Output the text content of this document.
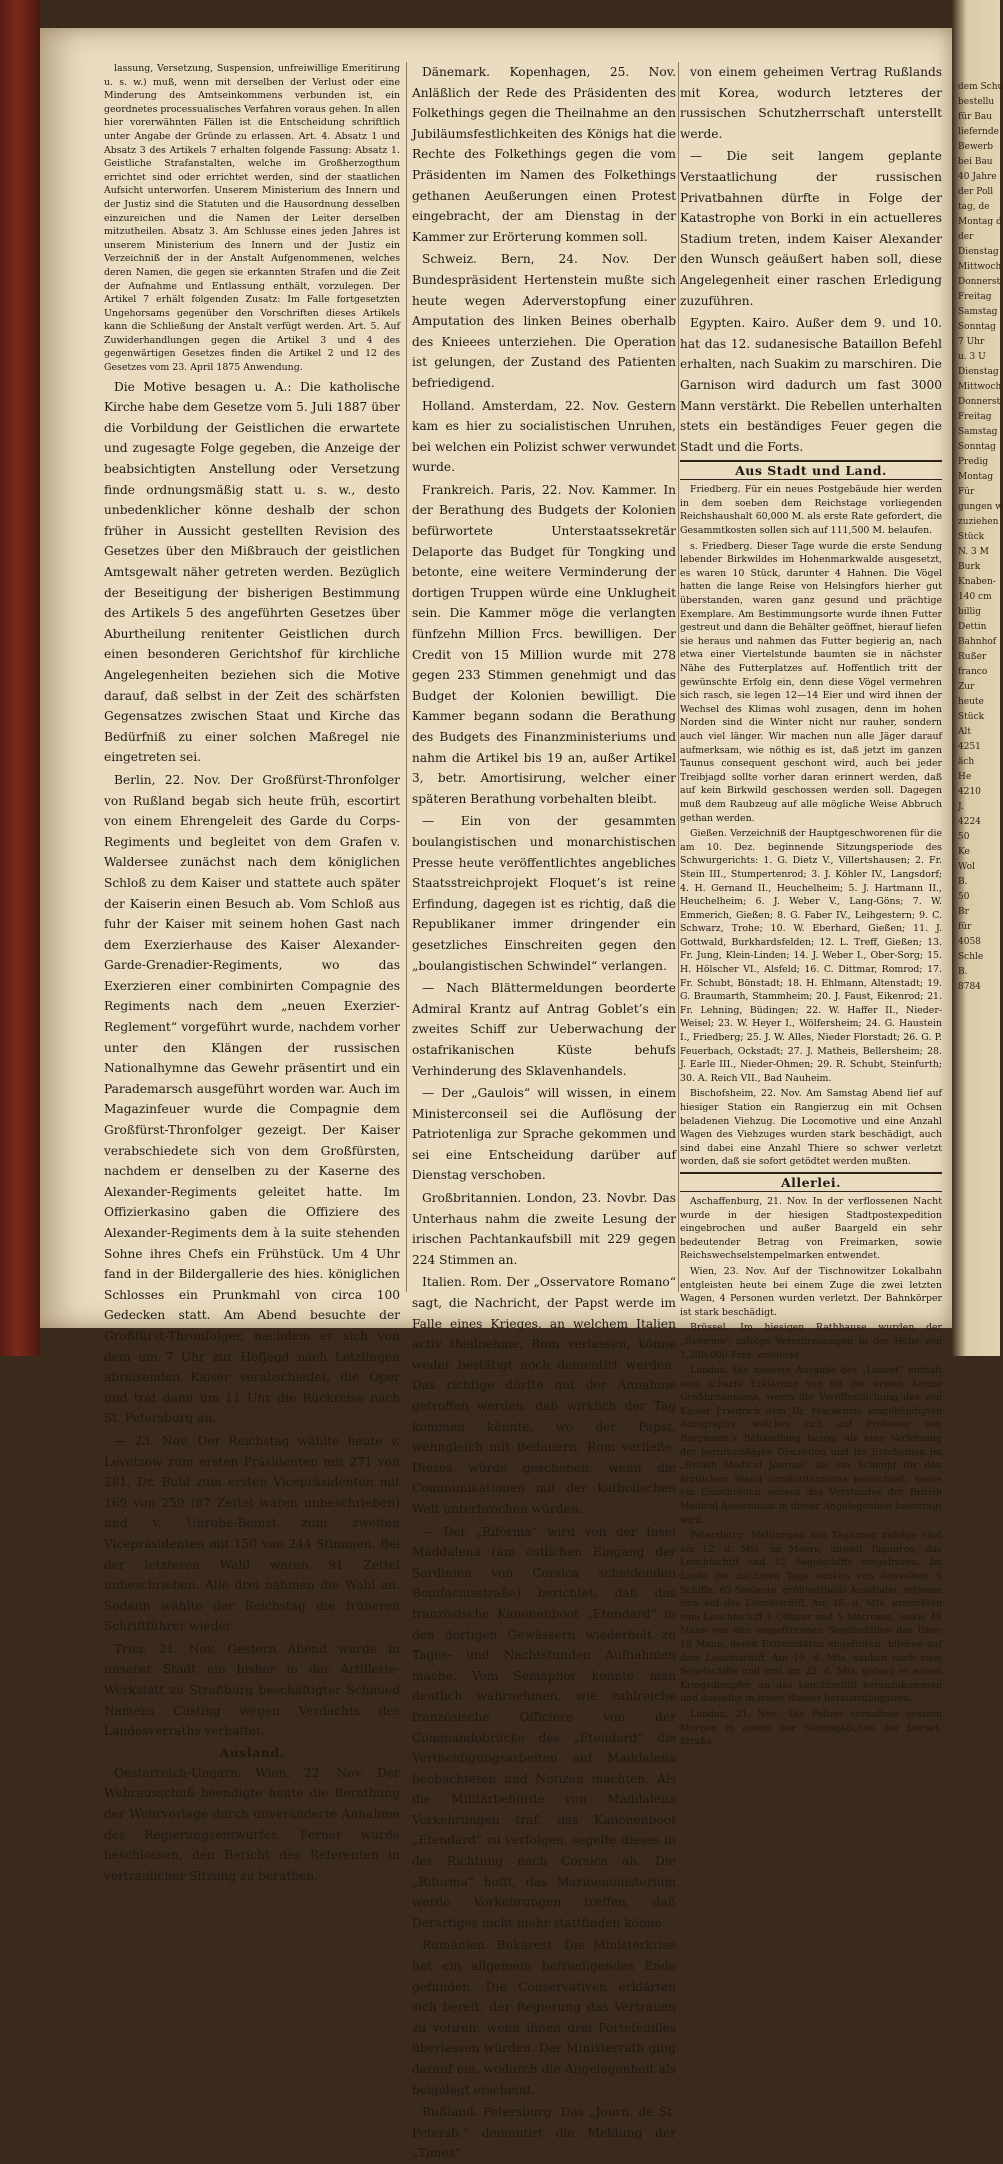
lassung, Versetzung, Suspension, unfreiwillige Emeritirung u. s. w.) muß, wenn mit derselben der Verlust oder eine Minderung des Amtseinkommens verbunden ist, ein geordnetes processualisches Verfahren voraus gehen. In allen hier vorerwähnten Fällen ist die Entscheidung schriftlich unter Angabe der Gründe zu erlassen. Art. 4. Absatz 1 und Absatz 3 des Artikels 7 erhalten folgende Fassung: Absatz 1. Geistliche Strafanstalten, welche im Großherzogthum errichtet sind oder errichtet werden, sind der staatlichen Aufsicht unterworfen. Unserem Ministerium des Innern und der Justiz sind die Statuten und die Hausordnung desselben einzureichen und die Namen der Leiter derselben mitzutheilen. Absatz 3. Am Schlusse eines jeden Jahres ist unserem Ministerium des Innern und der Justiz ein Verzeichniß der in der Anstalt Aufgenommenen, welches deren Namen, die gegen sie erkannten Strafen und die Zeit der Aufnahme und Entlassung enthält, vorzulegen. Der Artikel 7 erhält folgenden Zusatz: Im Falle fortgesetzten Ungehorsams gegenüber den Vorschriften dieses Artikels kann die Schließung der Anstalt verfügt werden. Art. 5. Auf Zuwiderhandlungen gegen die Artikel 3 und 4 des gegenwärtigen Gesetzes finden die Artikel 2 und 12 des Gesetzes vom 23. April 1875 Anwendung.

Die Motive besagen u. A.: Die katholische Kirche habe dem Gesetze vom 5. Juli 1887 über die Vorbildung der Geistlichen die erwartete und zugesagte Folge gegeben, die Anzeige der beabsichtigten Anstellung oder Versetzung finde ordnungsmäßig statt u. s. w., desto unbedenklicher könne deshalb der schon früher in Aussicht gestellten Revision des Gesetzes über den Mißbrauch der geistlichen Amtsgewalt näher getreten werden. Bezüglich der Beseitigung der bisherigen Bestimmung des Artikels 5 des angeführten Gesetzes über Aburtheilung renitenter Geistlichen durch einen besonderen Gerichtshof für kirchliche Angelegenheiten beziehen sich die Motive darauf, daß selbst in der Zeit des schärfsten Gegensatzes zwischen Staat und Kirche das Bedürfniß zu einer solchen Maßregel nie eingetreten sei.

Berlin, 22. Nov. Der Großfürst-Thronfolger von Rußland begab sich heute früh, escortirt von einem Ehrengeleit des Garde du Corps-Regiments und begleitet von dem Grafen v. Waldersee zunächst nach dem königlichen Schloß zu dem Kaiser und stattete auch später der Kaiserin einen Besuch ab. Vom Schloß aus fuhr der Kaiser mit seinem hohen Gast nach dem Exerzierhause des Kaiser Alexander-Garde-Grenadier-Regiments, wo das Exerzieren einer combinirten Compagnie des Regiments nach dem „neuen Exerzier-Reglement“ vorgeführt wurde, nachdem vorher unter den Klängen der russischen Nationalhymne das Gewehr präsentirt und ein Parademarsch ausgeführt worden war. Auch im Magazinfeuer wurde die Compagnie dem Großfürst-Thronfolger gezeigt. Der Kaiser verabschiedete sich von dem Großfürsten, nachdem er denselben zu der Kaserne des Alexander-Regiments geleitet hatte. Im Offizierkasino gaben die Offiziere des Alexander-Regiments dem à la suite stehenden Sohne ihres Chefs ein Frühstück. Um 4 Uhr fand in der Bildergallerie des hies. königlichen Schlosses ein Prunkmahl von circa 100 Gedecken statt. Am Abend besuchte der Großfürst-Thronfolger, nachdem er sich von dem um 7 Uhr zur Hofjagd nach Letzlingen abreisenden Kaiser verabschiedet, die Oper und trat dann um 11 Uhr die Rückreise nach St. Petersburg an.

— 23. Nov. Der Reichstag wählte heute v. Levetzow zum ersten Präsidenten mit 271 von 281, Dr. Buhl zum ersten Vicepräsidenten mit 169 von 259 (87 Zettel waren unbeschrieben) und v. Unruhe-Bomst zum zweiten Vicepräsidenten mit 150 von 244 Stimmen. Bei der letzteren Wahl waren 91 Zettel unbeschrieben. Alle drei nahmen die Wahl an. Sodann wählte der Reichstag die früheren Schriftführer wieder.

Trier, 21. Nov. Gestern Abend wurde in unserer Stadt ein bisher in der Artillerie-Werkstatt zu Straßburg beschäftigter Schmied Namens Casting wegen Verdachts des Landesverraths verhaftet.

Ausland.

Oesterreich-Ungarn. Wien, 22. Nov. Der Wehrausschuß beendigte heute die Berathung der Wehrvorlage durch unveränderte Annahme des Regierungsentwurfes. Ferner wurde beschlossen, den Bericht des Referenten in vertraulicher Sitzung zu berathen.

Dänemark. Kopenhagen, 25. Nov. Anläßlich der Rede des Präsidenten des Folkethings gegen die Theilnahme an den Jubiläumsfestlichkeiten des Königs hat die Rechte des Folkethings gegen die vom Präsidenten im Namen des Folkethings gethanen Aeußerungen einen Protest eingebracht, der am Dienstag in der Kammer zur Erörterung kommen soll.

Schweiz. Bern, 24. Nov. Der Bundespräsident Hertenstein mußte sich heute wegen Aderverstopfung einer Amputation des linken Beines oberhalb des Knieees unterziehen. Die Operation ist gelungen, der Zustand des Patienten befriedigend.

Holland. Amsterdam, 22. Nov. Gestern kam es hier zu socialistischen Unruhen, bei welchen ein Polizist schwer verwundet wurde.

Frankreich. Paris, 22. Nov. Kammer. In der Berathung des Budgets der Kolonien befürwortete Unterstaatssekretär Delaporte das Budget für Tongking und betonte, eine weitere Verminderung der dortigen Truppen würde eine Unklugheit sein. Die Kammer möge die verlangten fünfzehn Million Frcs. bewilligen. Der Credit von 15 Million wurde mit 278 gegen 233 Stimmen genehmigt und das Budget der Kolonien bewilligt. Die Kammer begann sodann die Berathung des Budgets des Finanzministeriums und nahm die Artikel bis 19 an, außer Artikel 3, betr. Amortisirung, welcher einer späteren Berathung vorbehalten bleibt.

— Ein von der gesammten boulangistischen und monarchistischen Presse heute veröffentlichtes angebliches Staatsstreichprojekt Floquet’s ist reine Erfindung, dagegen ist es richtig, daß die Republikaner immer dringender ein gesetzliches Einschreiten gegen den „boulangistischen Schwindel“ verlangen.

— Nach Blättermeldungen beorderte Admiral Krantz auf Antrag Goblet’s ein zweites Schiff zur Ueberwachung der ostafrikanischen Küste behufs Verhinderung des Sklavenhandels.

— Der „Gaulois“ will wissen, in einem Ministerconseil sei die Auflösung der Patriotenliga zur Sprache gekommen und sei eine Entscheidung darüber auf Dienstag verschoben.

Großbritannien. London, 23. Novbr. Das Unterhaus nahm die zweite Lesung der irischen Pachtankaufsbill mit 229 gegen 224 Stimmen an.

Italien. Rom. Der „Osservatore Romano“ sagt, die Nachricht, der Papst werde im Falle eines Krieges, an welchem Italien activ theilnehme, Rom verlassen, könne weder bestätigt noch dementirt werden. Das richtige dürfte mit der Annahme getroffen werden, daß wirklich der Tag kommen könnte, wo der Papst, wenngleich mit Bedauern, Rom verließe. Dieses würde geschehen, wenn die Communikationen mit der katholischen Welt unterbrochen würden.

— Der „Riforma“ wird von der Insel Maddalena (am östlichen Eingang der Sardinien von Corsica scheidenden Bonifaciusstraße) berichtet, daß das französische Kanonenboot „Etendard“ in den dortigen Gewässern wiederholt zu Tages- und Nachtstunden Aufnahmen mache. Vom Semaphor konnte man deutlich wahrnehmen, wie zahlreiche französische Officiere von der Commandobrücke des „Etendard“ die Vertheidigungsarbeiten auf Maddalena beobachteten und Notizen machten. Als die Militärbehörde von Maddalena Vorkehrungen traf, das Kanonenboot „Etendard“ zu verfolgen, segelte dieses in der Richtung nach Corsica ab. Die „Riforma“ hofft, das Marineministerium werde Vorkehrungen treffen, daß Derartiges nicht mehr stattfinden könne.

Rumänien. Bukarest. Die Ministerkrise hat ein allgemein befriedigendes Ende gefunden. Die Conservativen erklärten sich bereit, der Regierung das Vertrauen zu votiren, wenn ihnen drei Portefeuilles überlassen würden. Der Ministerrath ging darauf ein, wodurch die Angelegenheit als beigelegt erscheint.

Rußland. Petersburg. Das „Journ. de St. Petersb.“ dementirt die Meldung der „Times“

von einem geheimen Vertrag Rußlands mit Korea, wodurch letzteres der russischen Schutzherrschaft unterstellt werde.

— Die seit langem geplante Verstaatlichung der russischen Privatbahnen dürfte in Folge der Katastrophe von Borki in ein actuelleres Stadium treten, indem Kaiser Alexander den Wunsch geäußert haben soll, diese Angelegenheit einer raschen Erledigung zuzuführen.

Egypten. Kairo. Außer dem 9. und 10. hat das 12. sudanesische Bataillon Befehl erhalten, nach Suakim zu marschiren. Die Garnison wird dadurch um fast 3000 Mann verstärkt. Die Rebellen unterhalten stets ein beständiges Feuer gegen die Stadt und die Forts.

Aus Stadt und Land.

Friedberg. Für ein neues Postgebäude hier werden in dem soeben dem Reichstage vorliegenden Reichshaushalt 60,000 M. als erste Rate gefordert, die Gesammtkosten sollen sich auf 111,500 M. belaufen.

s. Friedberg. Dieser Tage wurde die erste Sendung lebender Birkwildes im Hohenmarkwalde ausgesetzt, es waren 10 Stück, darunter 4 Hahnen. Die Vögel hatten die lange Reise von Helsingfors hierher gut überstanden, waren ganz gesund und prächtige Exemplare. Am Bestimmungsorte wurde ihnen Futter gestreut und dann die Behälter geöffnet, hierauf liefen sie heraus und nahmen das Futter begierig an, nach etwa einer Viertelstunde baumten sie in nächster Nähe des Futterplatzes auf. Hoffentlich tritt der gewünschte Erfolg ein, denn diese Vögel vermehren sich rasch, sie legen 12—14 Eier und wird ihnen der Wechsel des Klimas wohl zusagen, denn im hohen Norden sind die Winter nicht nur rauher, sondern auch viel länger. Wir machen nun alle Jäger darauf aufmerksam, wie nöthig es ist, daß jetzt im ganzen Taunus consequent geschont wird, auch bei jeder Treibjagd sollte vorher daran erinnert werden, daß auf kein Birkwild geschossen werden soll. Dagegen muß dem Raubzeug auf alle mögliche Weise Abbruch gethan werden.

Gießen. Verzeichniß der Hauptgeschworenen für die am 10. Dez. beginnende Sitzungsperiode des Schwurgerichts: 1. G. Dietz V., Villertshausen; 2. Fr. Stein III., Stumpertenrod; 3. J. Köhler IV., Langsdorf; 4. H. Gernand II., Heuchelheim; 5. J. Hartmann II., Heuchelheim; 6. J. Weber V., Lang-Göns; 7. W. Emmerich, Gießen; 8. G. Faber IV., Leihgestern; 9. C. Schwarz, Trohe; 10. W. Eberhard, Gießen; 11. J. Gottwald, Burkhardsfelden; 12. L. Treff, Gießen; 13. Fr. Jung, Klein-Linden; 14. J. Weber I., Ober-Sorg; 15. H. Hölscher VI., Alsfeld; 16. C. Dittmar, Romrod; 17. Fr. Schubt, Bönstadt; 18. H. Ehlmann, Altenstadt; 19. G. Braumarth, Stammheim; 20. J. Faust, Eikenrod; 21. Fr. Lehning, Büdingen; 22. W. Haffer II., Nieder-Weisel; 23. W. Heyer I., Wölfersheim; 24. G. Haustein I., Friedberg; 25. J. W. Alles, Nieder Florstadt; 26. G. P. Feuerbach, Ockstadt; 27. J. Matheis, Bellersheim; 28. J. Earle III., Nieder-Ohmen; 29. R. Schubt, Steinfurth; 30. A. Reich VII., Bad Nauheim.

Bischofsheim, 22. Nov. Am Samstag Abend lief auf hiesiger Station ein Rangierzug ein mit Ochsen beladenen Viehzug. Die Locomotive und eine Anzahl Wagen des Viehzuges wurden stark beschädigt, auch sind dabei eine Anzahl Thiere so schwer verletzt worden, daß sie sofort getödtet werden mußten.

Allerlei.

Aschaffenburg, 21. Nov. In der verflossenen Nacht wurde in der hiesigen Stadtpostexpedition eingebrochen und außer Baargeld ein sehr bedeutender Betrag von Freimarken, sowie Reichswechselstempelmarken entwendet.

Wien, 23. Nov. Auf der Tischnowitzer Lokalbahn entgleisten heute bei einem Zuge die zwei letzten Wagen, 4 Personen wurden verletzt. Der Bahnkörper ist stark beschädigt.

Brüssel. Im hiesigen Rathhause wurden der „Reforme“ zufolge Veruntreuungen in der Höhe von 1,200,000 Frcs. entdeckt.

London. Die neueste Ausgabe des „Lancet“ enthält eine scharfe Erklärung von 68 der ersten Aerzte Großbritanniens, worin die Veröffentlichung des von Kaiser Friedrich dem Dr. Mackenzie eingehändigten Autographs, welches sich auf Professor von Bergmann’s Behandlung bezog, als eine Verletzung der berufsmäßigen Discretion und ihr Erscheinen im „British Medical Journal“ als ein Schimpf für den ärztlichen Stand Großbritanniens bezeichnet, sowie ein Einschreiten seitens des Vorstandes der British Medical Association in dieser Angelegenheit beantragt wird.

Petersburg. Meldungen aus Taganrog zufolge sind am 12. d. Mts. im Meere, unweit Taganrog, das Leuchtschiff und 12 Segelschiffe eingefroren. Im Laufe der nächsten Tage sanken von denselben 5 Schiffe; 63 Seeleute, größtentheils Ausländer, retteten sich auf das Leuchtschiff. Am 18. d. Mts. erreichten vom Leuchtschiff 1 Offizier und 5 Matrosen, sowie 48 Mann von den eingefrorenen Segelschiffen das Ufer; 15 Mann, deren Extremitäten abgefroren, blieben auf dem Leuchtschiff. Am 19. d. Mts. sanken noch zwei Segelschiffe und erst am 22. d. Mts. gelang es einem Kriegsdampfer, an das Leuchtschiff heranzukommen und dasselbe in freies Wasser herauszubugsiren.

London, 21. Nov.: Die Polizei verhaftete gestern Morgen in einem der Seitengäßchen der Dorset-Straße,

dem Schu
bestellu
für Bau
liefernde
Bewerb
bei Bau
40 Jahre
der Poll
tag, de
Montag d
der
Dienstag
Mittwoch
Donnerst
Freitag
Samstag
Sonntag
7 Uhr
u. 3 U
Dienstag
Mittwoch
Donnerst
Freitag
Samstag
Sonntag
Predig
Montag
Für
gungen w
zuziehen
Stück
N. 3 M
Burk
Knaben-
140 cm
billig
Dettin
Bahnhof
Rußer
franco
Zur
heute
Stück
Alt
4251
äch
He
4210
J.
4224
50
Ke
Wol
B.
50
Br
für
4058
Schle
B.
8784
